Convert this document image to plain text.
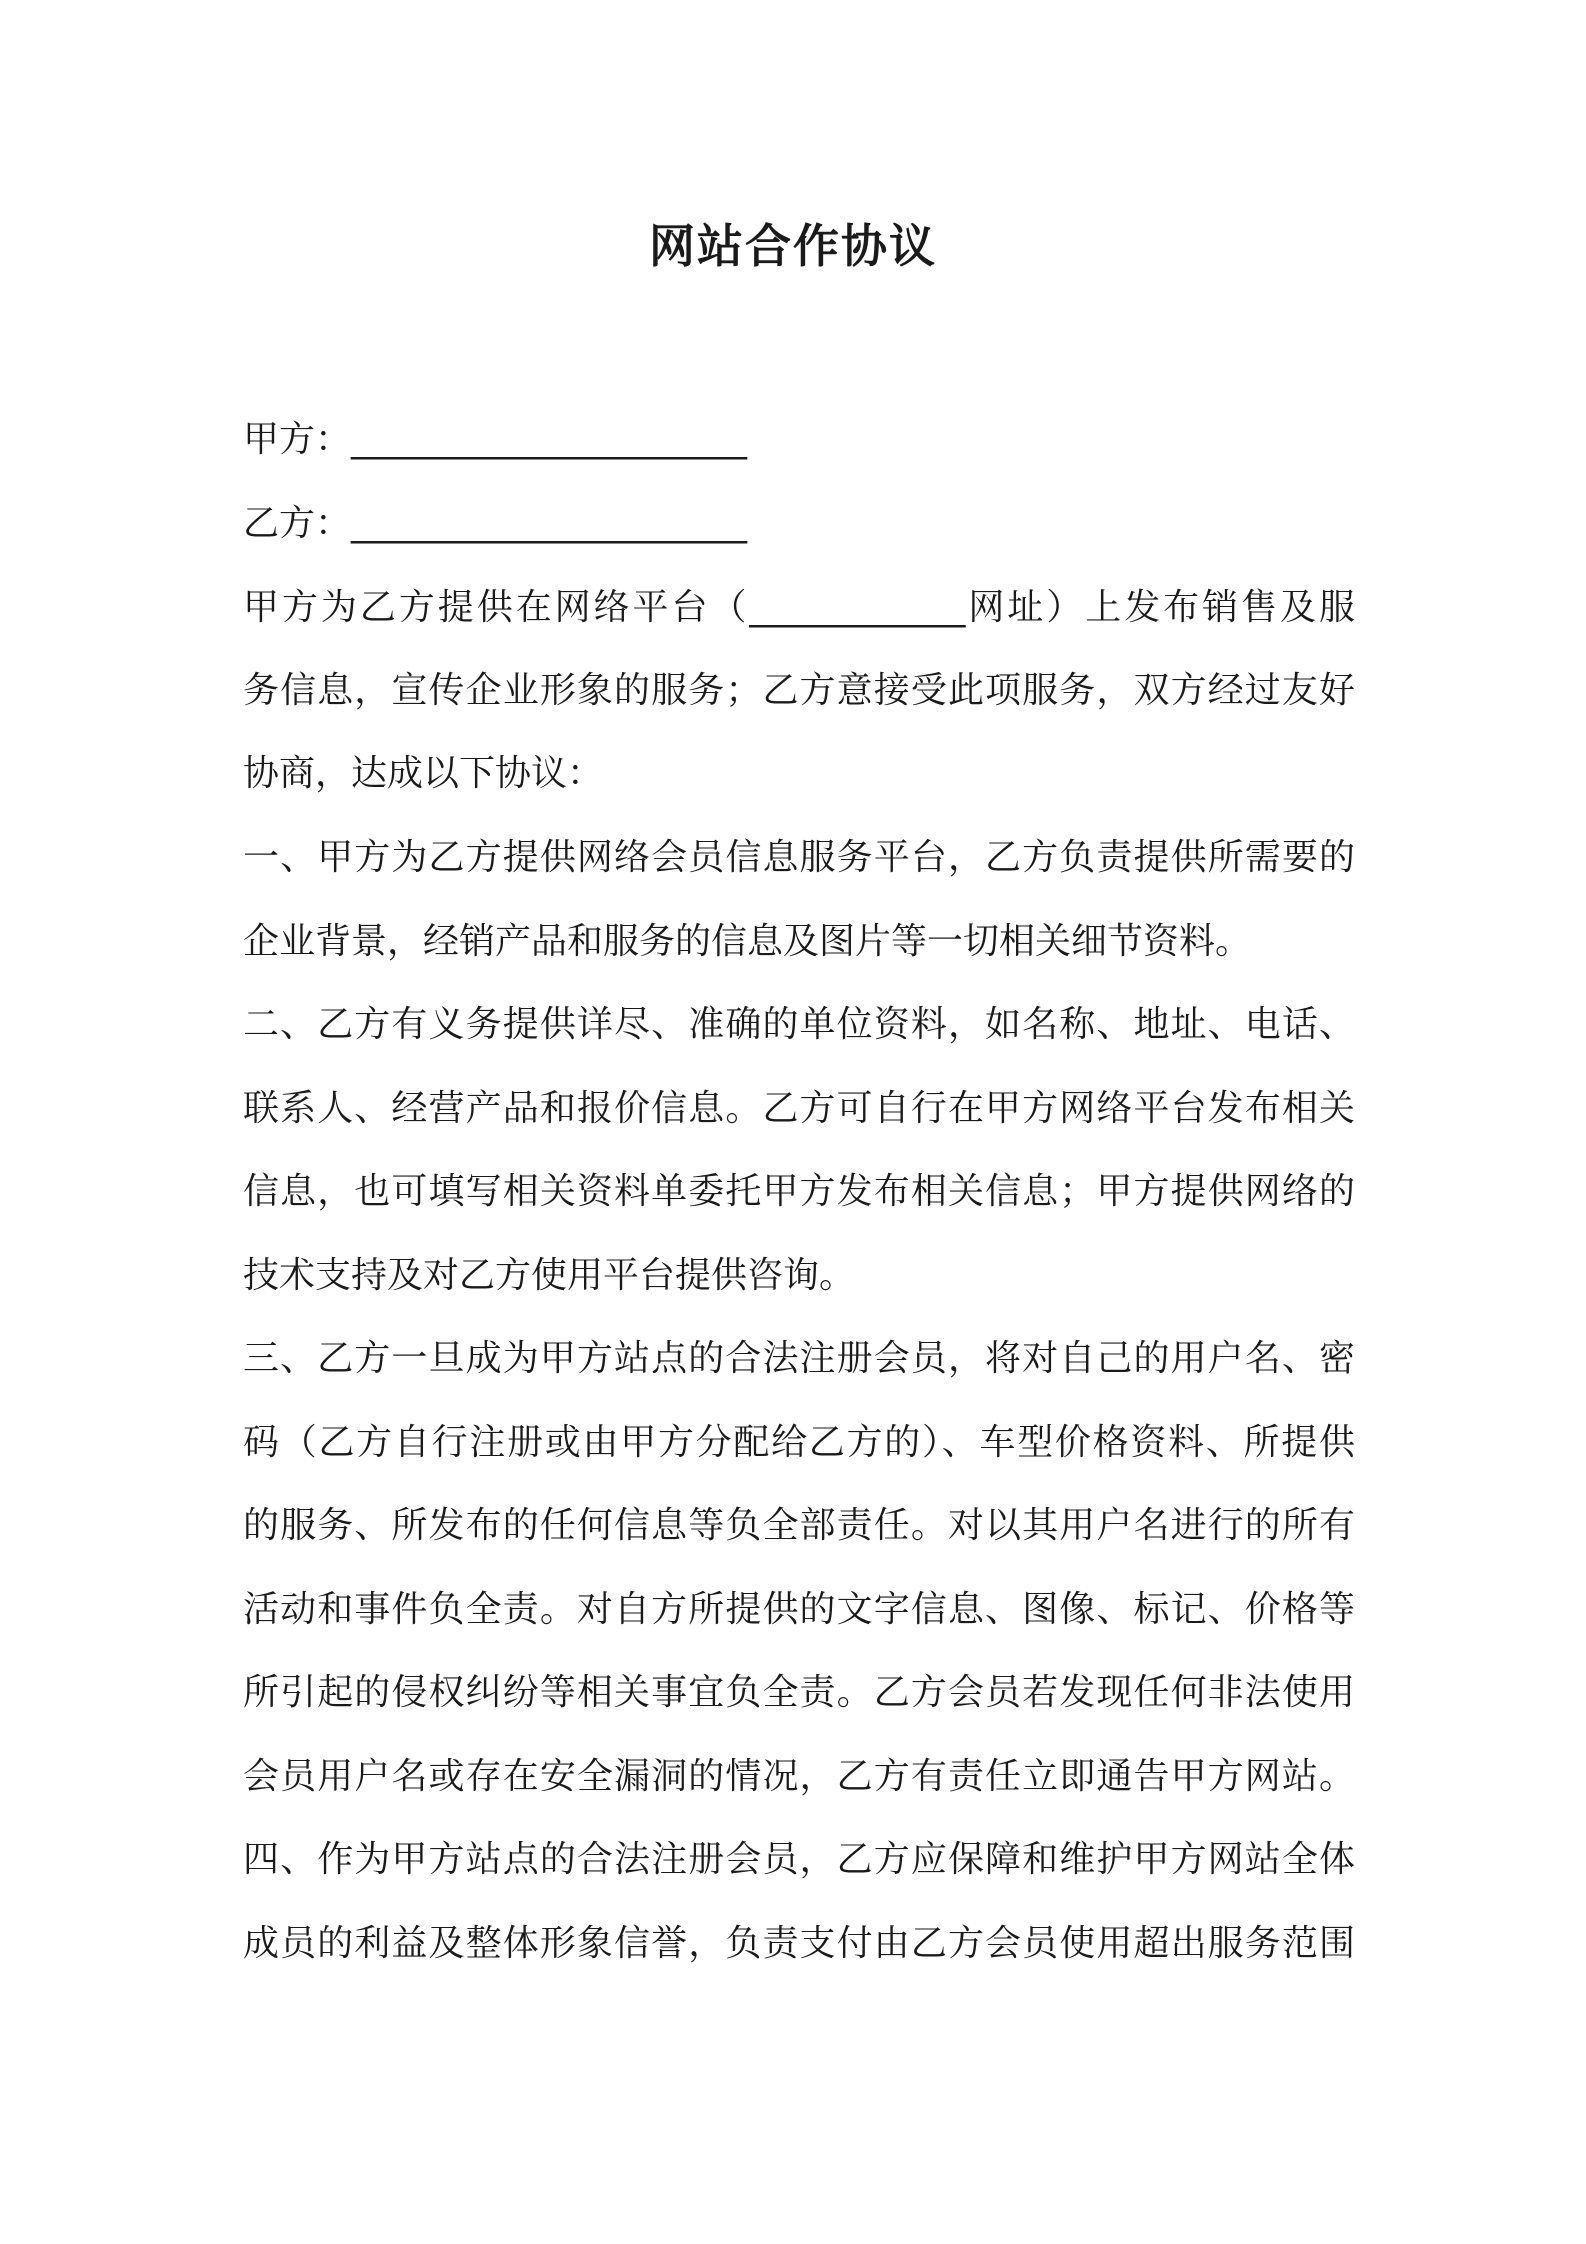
网站合作协议
甲方：______________________
乙方：______________________
甲方为乙方提供在网络平台（____________网址）上发布销售及服
务信息，宣传企业形象的服务；乙方意接受此项服务，双方经过友好
协商，达成以下协议：
一、甲方为乙方提供网络会员信息服务平台，乙方负责提供所需要的
企业背景，经销产品和服务的信息及图片等一切相关细节资料。
二、乙方有义务提供详尽、准确的单位资料，如名称、地址、电话、
联系人、经营产品和报价信息。乙方可自行在甲方网络平台发布相关
信息，也可填写相关资料单委托甲方发布相关信息；甲方提供网络的
技术支持及对乙方使用平台提供咨询。
三、乙方一旦成为甲方站点的合法注册会员，将对自己的用户名、密
码（乙方自行注册或由甲方分配给乙方的）、车型价格资料、所提供
的服务、所发布的任何信息等负全部责任。对以其用户名进行的所有
活动和事件负全责。对自方所提供的文字信息、图像、标记、价格等
所引起的侵权纠纷等相关事宜负全责。乙方会员若发现任何非法使用
会员用户名或存在安全漏洞的情况，乙方有责任立即通告甲方网站。
四、作为甲方站点的合法注册会员，乙方应保障和维护甲方网站全体
成员的利益及整体形象信誉，负责支付由乙方会员使用超出服务范围
